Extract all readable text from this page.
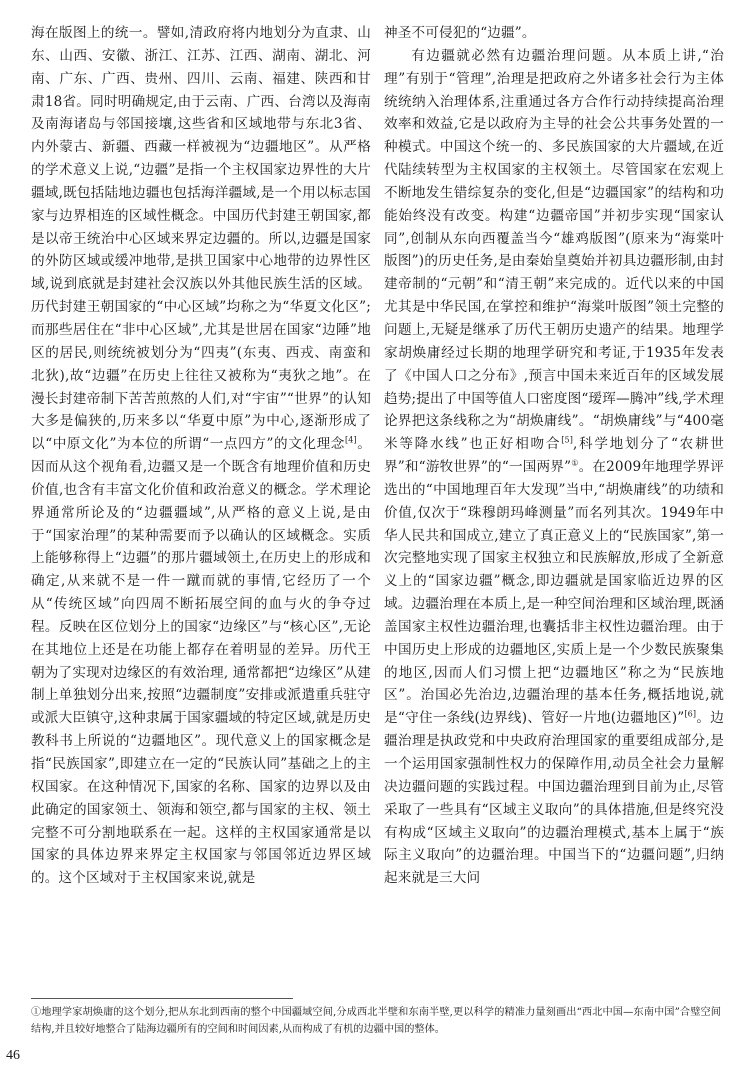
海在版图上的统一。譬如,清政府将内地划分为直隶、山东、山西、安徽、浙江、江苏、江西、湖南、湖北、河南、广东、广西、贵州、四川、云南、福建、陕西和甘肃18省。同时明确规定,由于云南、广西、台湾以及海南及南海诸岛与邻国接壤,这些省和区域地带与东北3省、内外蒙古、新疆、西藏一样被视为“边疆地区”。从严格的学术意义上说,“边疆”是指一个主权国家边界性的大片疆域,既包括陆地边疆也包括海洋疆域,是一个用以标志国家与边界相连的区域性概念。中国历代封建王朝国家,都是以帝王统治中心区域来界定边疆的。所以,边疆是国家的外防区域或缓冲地带,是拱卫国家中心地带的边界性区域,说到底就是封建社会汉族以外其他民族生活的区域。历代封建王朝国家的“中心区域”均称之为“华夏文化区”;而那些居住在“非中心区域”,尤其是世居在国家“边陲”地区的居民,则统统被划分为“四夷”(东夷、西戎、南蛮和北狄),故“边疆”在历史上往往又被称为“夷狄之地”。在漫长封建帝制下苦苦煎熬的人们,对“宇宙”“世界”的认知大多是偏狭的,历来多以“华夏中原”为中心,逐渐形成了以“中原文化”为本位的所谓“一点四方”的文化理念[4]。因而从这个视角看,边疆又是一个既含有地理价值和历史价值,也含有丰富文化价值和政治意义的概念。学术理论界通常所论及的“边疆疆域”,从严格的意义上说,是由于“国家治理”的某种需要而予以确认的区域概念。实质上能够称得上“边疆”的那片疆域领土,在历史上的形成和确定,从来就不是一件一蹴而就的事情,它经历了一个从“传统区域”向四周不断拓展空间的血与火的争夺过程。反映在区位划分上的国家“边缘区”与“核心区”,无论在其地位上还是在功能上都存在着明显的差异。历代王朝为了实现对边缘区的有效治理, 通常都把“边缘区”从建制上单独划分出来,按照“边疆制度”安排或派遣重兵驻守或派大臣镇守,这种隶属于国家疆域的特定区域,就是历史教科书上所说的“边疆地区”。现代意义上的国家概念是指“民族国家”,即建立在一定的“民族认同”基础之上的主权国家。在这种情况下,国家的名称、国家的边界以及由此确定的国家领土、领海和领空,都与国家的主权、领土完整不可分割地联系在一起。这样的主权国家通常是以国家的具体边界来界定主权国家与邻国邻近边界区域的。这个区域对于主权国家来说,就是

神圣不可侵犯的“边疆”。

有边疆就必然有边疆治理问题。从本质上讲,“治理”有别于“管理”,治理是把政府之外诸多社会行为主体统统纳入治理体系,注重通过各方合作行动持续提高治理效率和效益,它是以政府为主导的社会公共事务处置的一种模式。中国这个统一的、多民族国家的大片疆域,在近代陆续转型为主权国家的主权领土。尽管国家在宏观上不断地发生错综复杂的变化,但是“边疆国家”的结构和功能始终没有改变。构建“边疆帝国”并初步实现“国家认同”,创制从东向西覆盖当今“雄鸡版图”(原来为“海棠叶版图”)的历史任务,是由秦始皇奠始并初具边疆形制,由封建帝制的“元朝”和“清王朝”来完成的。近代以来的中国尤其是中华民国,在掌控和维护“海棠叶版图”领土完整的问题上,无疑是继承了历代王朝历史遗产的结果。地理学家胡焕庸经过长期的地理学研究和考证,于1935年发表了《中国人口之分布》,预言中国未来近百年的区域发展趋势;提出了中国等值人口密度图“瑷珲—腾冲”线,学术理论界把这条线称之为“胡焕庸线”。“胡焕庸线”与“400毫米等降水线”也正好相吻合[5],科学地划分了“农耕世界”和“游牧世界”的“一国两界”①。在2009年地理学界评选出的“中国地理百年大发现”当中,“胡焕庸线”的功绩和价值,仅次于“珠穆朗玛峰测量”而名列其次。1949年中华人民共和国成立,建立了真正意义上的“民族国家”,第一次完整地实现了国家主权独立和民族解放,形成了全新意义上的“国家边疆”概念,即边疆就是国家临近边界的区域。边疆治理在本质上,是一种空间治理和区域治理,既涵盖国家主权性边疆治理,也囊括非主权性边疆治理。由于中国历史上形成的边疆地区,实质上是一个少数民族聚集的地区,因而人们习惯上把“边疆地区”称之为“民族地区”。治国必先治边,边疆治理的基本任务,概括地说,就是“守住一条线(边界线)、管好一片地(边疆地区)”[6]。边疆治理是执政党和中央政府治理国家的重要组成部分,是一个运用国家强制性权力的保障作用,动员全社会力量解决边疆问题的实践过程。中国边疆治理到目前为止,尽管采取了一些具有“区域主义取向”的具体措施,但是终究没有构成“区域主义取向”的边疆治理模式,基本上属于“族际主义取向”的边疆治理。中国当下的“边疆问题”,归纳起来就是三大问

①地理学家胡焕庸的这个划分,把从东北到西南的整个中国疆域空间,分成西北半壁和东南半壁,更以科学的精准力量刻画出“西北中国—东南中国”合璧空间结构,并且较好地整合了陆海边疆所有的空间和时间因素,从而构成了有机的边疆中国的整体。
46
